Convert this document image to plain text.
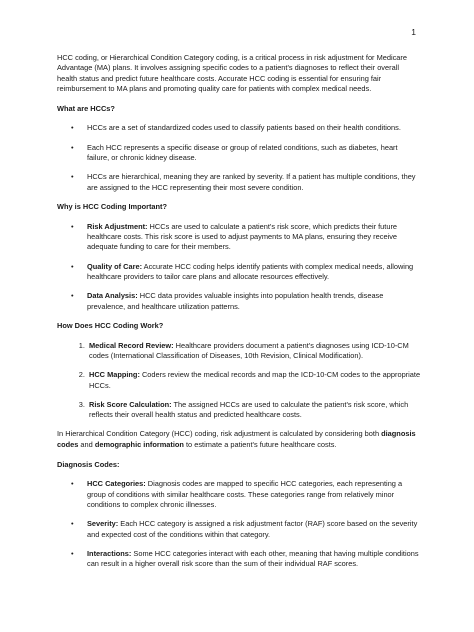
1

HCC coding, or Hierarchical Condition Category coding, is a critical process in risk adjustment for Medicare Advantage (MA) plans. It involves assigning specific codes to a patient's diagnoses to reflect their overall health status and predict future healthcare costs. Accurate HCC coding is essential for ensuring fair reimbursement to MA plans and promoting quality care for patients with complex medical needs.

What are HCCs?
• HCCs are a set of standardized codes used to classify patients based on their health conditions.
• Each HCC represents a specific disease or group of related conditions, such as diabetes, heart failure, or chronic kidney disease.
• HCCs are hierarchical, meaning they are ranked by severity. If a patient has multiple conditions, they are assigned to the HCC representing their most severe condition.
Why is HCC Coding Important?
• Risk Adjustment: HCCs are used to calculate a patient's risk score, which predicts their future healthcare costs. This risk score is used to adjust payments to MA plans, ensuring they receive adequate funding to care for their members.
• Quality of Care: Accurate HCC coding helps identify patients with complex medical needs, allowing healthcare providers to tailor care plans and allocate resources effectively.
• Data Analysis: HCC data provides valuable insights into population health trends, disease prevalence, and healthcare utilization patterns.
How Does HCC Coding Work?
1. Medical Record Review: Healthcare providers document a patient's diagnoses using ICD-10-CM codes (International Classification of Diseases, 10th Revision, Clinical Modification).
2. HCC Mapping: Coders review the medical records and map the ICD-10-CM codes to the appropriate HCCs.
3. Risk Score Calculation: The assigned HCCs are used to calculate the patient's risk score, which reflects their overall health status and predicted healthcare costs.

In Hierarchical Condition Category (HCC) coding, risk adjustment is calculated by considering both diagnosis codes and demographic information to estimate a patient's future healthcare costs.

Diagnosis Codes:
• HCC Categories: Diagnosis codes are mapped to specific HCC categories, each representing a group of conditions with similar healthcare costs. These categories range from relatively minor conditions to complex chronic illnesses.
• Severity: Each HCC category is assigned a risk adjustment factor (RAF) score based on the severity and expected cost of the conditions within that category.
• Interactions: Some HCC categories interact with each other, meaning that having multiple conditions can result in a higher overall risk score than the sum of their individual RAF scores.
